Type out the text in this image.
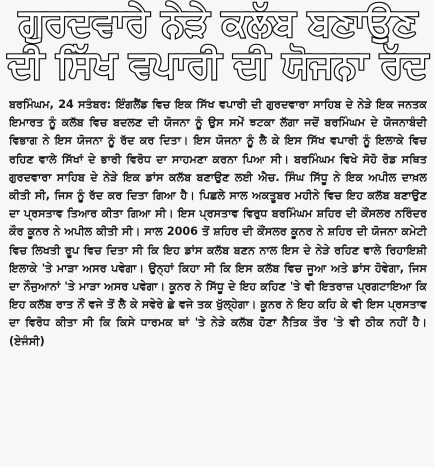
ਗੁਰਦਵਾਰੇ ਨੇੜੇ ਕਲੱਬ ਬਣਾਉਣ
ਦੀ ਸਿੱਖ ਵਪਾਰੀ ਦੀ ਯੋਜਨਾ ਰੱਦ

ਬਰਮਿੰਘਮ, 24 ਸਤੰਬਰ: ਇੰਗਲੈਂਡ ਵਿਚ ਇਕ ਸਿੱਖ ਵਪਾਰੀ ਦੀ ਗੁਰਦਵਾਰਾ ਸਾਹਿਬ ਦੇ ਨੇੜੇ ਇਕ ਜਨਤਕ ਇਮਾਰਤ ਨੂੰ ਕਲੱਬ ਵਿਚ ਬਦਲਣ ਦੀ ਯੋਜਨਾ ਨੂੰ ਉਸ ਸਮੇਂ ਝਟਕਾ ਲੱਗਾ ਜਦੋਂ ਬਰਮਿੰਘਮ ਦੇ ਯੋਜਨਾਬੰਦੀ ਵਿਭਾਗ ਨੇ ਇਸ ਯੋਜਨਾ ਨੂੰ ਰੱਦ ਕਰ ਦਿਤਾ। ਇਸ ਯੋਜਨਾ ਨੂੰ ਲੈ ਕੇ ਇਸ ਸਿੱਖ ਵਪਾਰੀ ਨੂੰ ਇਲਾਕੇ ਵਿਚ ਰਹਿਣ ਵਾਲੇ ਸਿੱਖਾਂ ਦੇ ਭਾਰੀ ਵਿਰੋਧ ਦਾ ਸਾਹਮਣਾ ਕਰਨਾ ਪਿਆ ਸੀ। ਬਰਮਿੰਘਮ ਵਿਖੇ ਸੋਹੋ ਰੋਡ ਸਥਿਤ ਗੁਰਦਵਾਰਾ ਸਾਹਿਬ ਦੇ ਨੇੜੇ ਇਕ ਡਾਂਸ ਕਲੱਬ ਬਣਾਉਣ ਲਈ ਐਚ. ਸਿੰਘ ਸਿੱਧੂ ਨੇ ਇਕ ਅਪੀਲ ਦਾਖ਼ਲ ਕੀਤੀ ਸੀ, ਜਿਸ ਨੂੰ ਰੱਦ ਕਰ ਦਿਤਾ ਗਿਆ ਹੈ। ਪਿਛਲੇ ਸਾਲ ਅਕਤੂਬਰ ਮਹੀਨੇ ਵਿਚ ਇਹ ਕਲੱਬ ਬਣਾਉਣ ਦਾ ਪ੍ਰਸਤਾਵ ਤਿਆਰ ਕੀਤਾ ਗਿਆ ਸੀ। ਇਸ ਪ੍ਰਸਤਾਵ ਵਿਰੁਧ ਬਰਮਿੰਘਮ ਸ਼ਹਿਰ ਦੀ ਕੌਂਸਲਰ ਨਰਿੰਦਰ ਕੌਰ ਕੂਨਰ ਨੇ ਅਪੀਲ ਕੀਤੀ ਸੀ। ਸਾਲ 2006 ਤੋਂ ਸ਼ਹਿਰ ਦੀ ਕੌਂਸਲਰ ਕੂਨਰ ਨੇ ਸ਼ਹਿਰ ਦੀ ਯੋਜਨਾ ਕਮੇਟੀ ਵਿਚ ਲਿਖਤੀ ਰੂਪ ਵਿਚ ਦਿਤਾ ਸੀ ਕਿ ਇਹ ਡਾਂਸ ਕਲੱਬ ਬਣਨ ਨਾਲ ਇਸ ਦੇ ਨੇੜੇ ਰਹਿਣ ਵਾਲੇ ਰਿਹਾਇਸ਼ੀ ਇਲਾਕੇ 'ਤੇ ਮਾੜਾ ਅਸਰ ਪਵੇਗਾ। ਉਨ੍ਹਾਂ ਕਿਹਾ ਸੀ ਕਿ ਇਸ ਕਲੱਬ ਵਿਚ ਜੂਆ ਅਤੇ ਡਾਂਸ ਹੋਵੇਗਾ, ਜਿਸ ਦਾ ਨੌਜੁਆਨਾਂ 'ਤੇ ਮਾੜਾ ਅਸਰ ਪਵੇਗਾ। ਕੂਨਰ ਨੇ ਸਿੱਧੂ ਦੇ ਇਹ ਕਹਿਣ 'ਤੇ ਵੀ ਇਤਰਾਜ਼ ਪ੍ਰਗਟਾਇਆ ਕਿ ਇਹ ਕਲੱਬ ਰਾਤ ਨੌਂ ਵਜੇ ਤੋਂ ਲੈ ਕੇ ਸਵੇਰੇ ਛੇ ਵਜੇ ਤਕ ਖੁੱਲ੍ਹੇਗਾ। ਕੂਨਰ ਨੇ ਇਹ ਕਹਿ ਕੇ ਵੀ ਇਸ ਪ੍ਰਸਤਾਵ ਦਾ ਵਿਰੋਧ ਕੀਤਾ ਸੀ ਕਿ ਕਿਸੇ ਧਾਰਮਕ ਥਾਂ 'ਤੇ ਨੇੜੇ ਕਲੱਬ ਹੋਣਾ ਨੈਤਿਕ ਤੌਰ 'ਤੇ ਵੀ ਠੀਕ ਨਹੀਂ ਹੈ। (ਏਜੰਸੀ)
